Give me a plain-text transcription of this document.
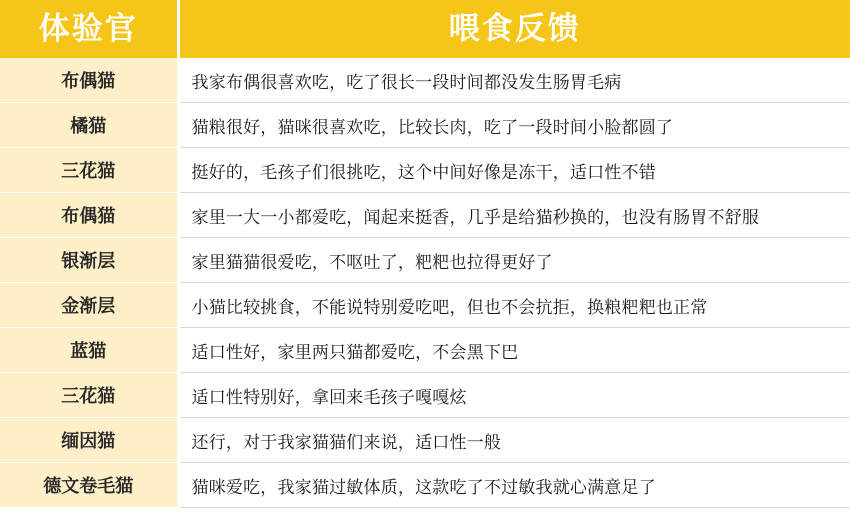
体验官	喂食反馈
布偶猫	我家布偶很喜欢吃，吃了很长一段时间都没发生肠胃毛病
橘猫	猫粮很好，猫咪很喜欢吃，比较长肉，吃了一段时间小脸都圆了
三花猫	挺好的，毛孩子们很挑吃，这个中间好像是冻干，适口性不错
布偶猫	家里一大一小都爱吃，闻起来挺香，几乎是给猫秒换的，也没有肠胃不舒服
银渐层	家里猫猫很爱吃，不呕吐了，粑粑也拉得更好了
金渐层	小猫比较挑食，不能说特别爱吃吧，但也不会抗拒，换粮粑粑也正常
蓝猫	适口性好，家里两只猫都爱吃，不会黑下巴
三花猫	适口性特别好，拿回来毛孩子嘎嘎炫
缅因猫	还行，对于我家猫猫们来说，适口性一般
德文卷毛猫	猫咪爱吃，我家猫过敏体质，这款吃了不过敏我就心满意足了
